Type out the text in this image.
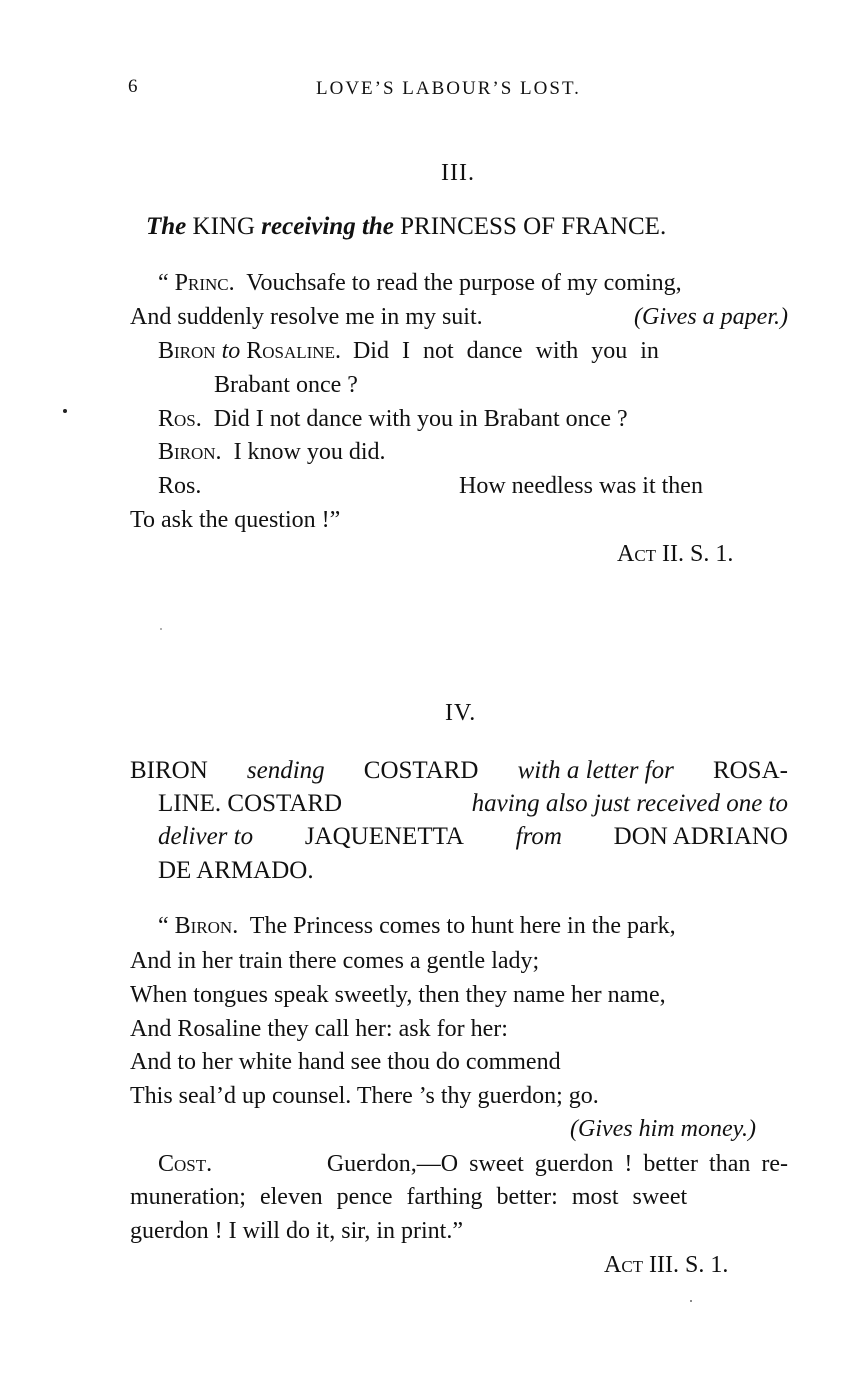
6	LOVE’S LABOUR’S LOST.
III.
The KING receiving the PRINCESS OF FRANCE.
“ Princ. Vouchsafe to read the purpose of my coming,
And suddenly resolve me in my suit.	(Gives a paper.)
Biron to Rosaline. Did I not dance with you in
Brabant once ?
Ros. Did I not dance with you in Brabant once ?
Biron. I know you did.
Ros.	How needless was it then
To ask the question !”
Act II. S. 1.
IV.
BIRON sending COSTARD with a letter for ROSA-
LINE. COSTARD	having also just received one to
deliver to JAQUENETTA from DON ADRIANO
DE ARMADO.
“ Biron. The Princess comes to hunt here in the park,
And in her train there comes a gentle lady;
When tongues speak sweetly, then they name her name,
And Rosaline they call her: ask for her:
And to her white hand see thou do commend
This seal’d up counsel. There ’s thy guerdon; go.
(Gives him money.)
Cost.	Guerdon,—O sweet guerdon ! better than re-
muneration; eleven pence farthing better: most sweet
guerdon ! I will do it, sir, in print.”
Act III. S. 1.
